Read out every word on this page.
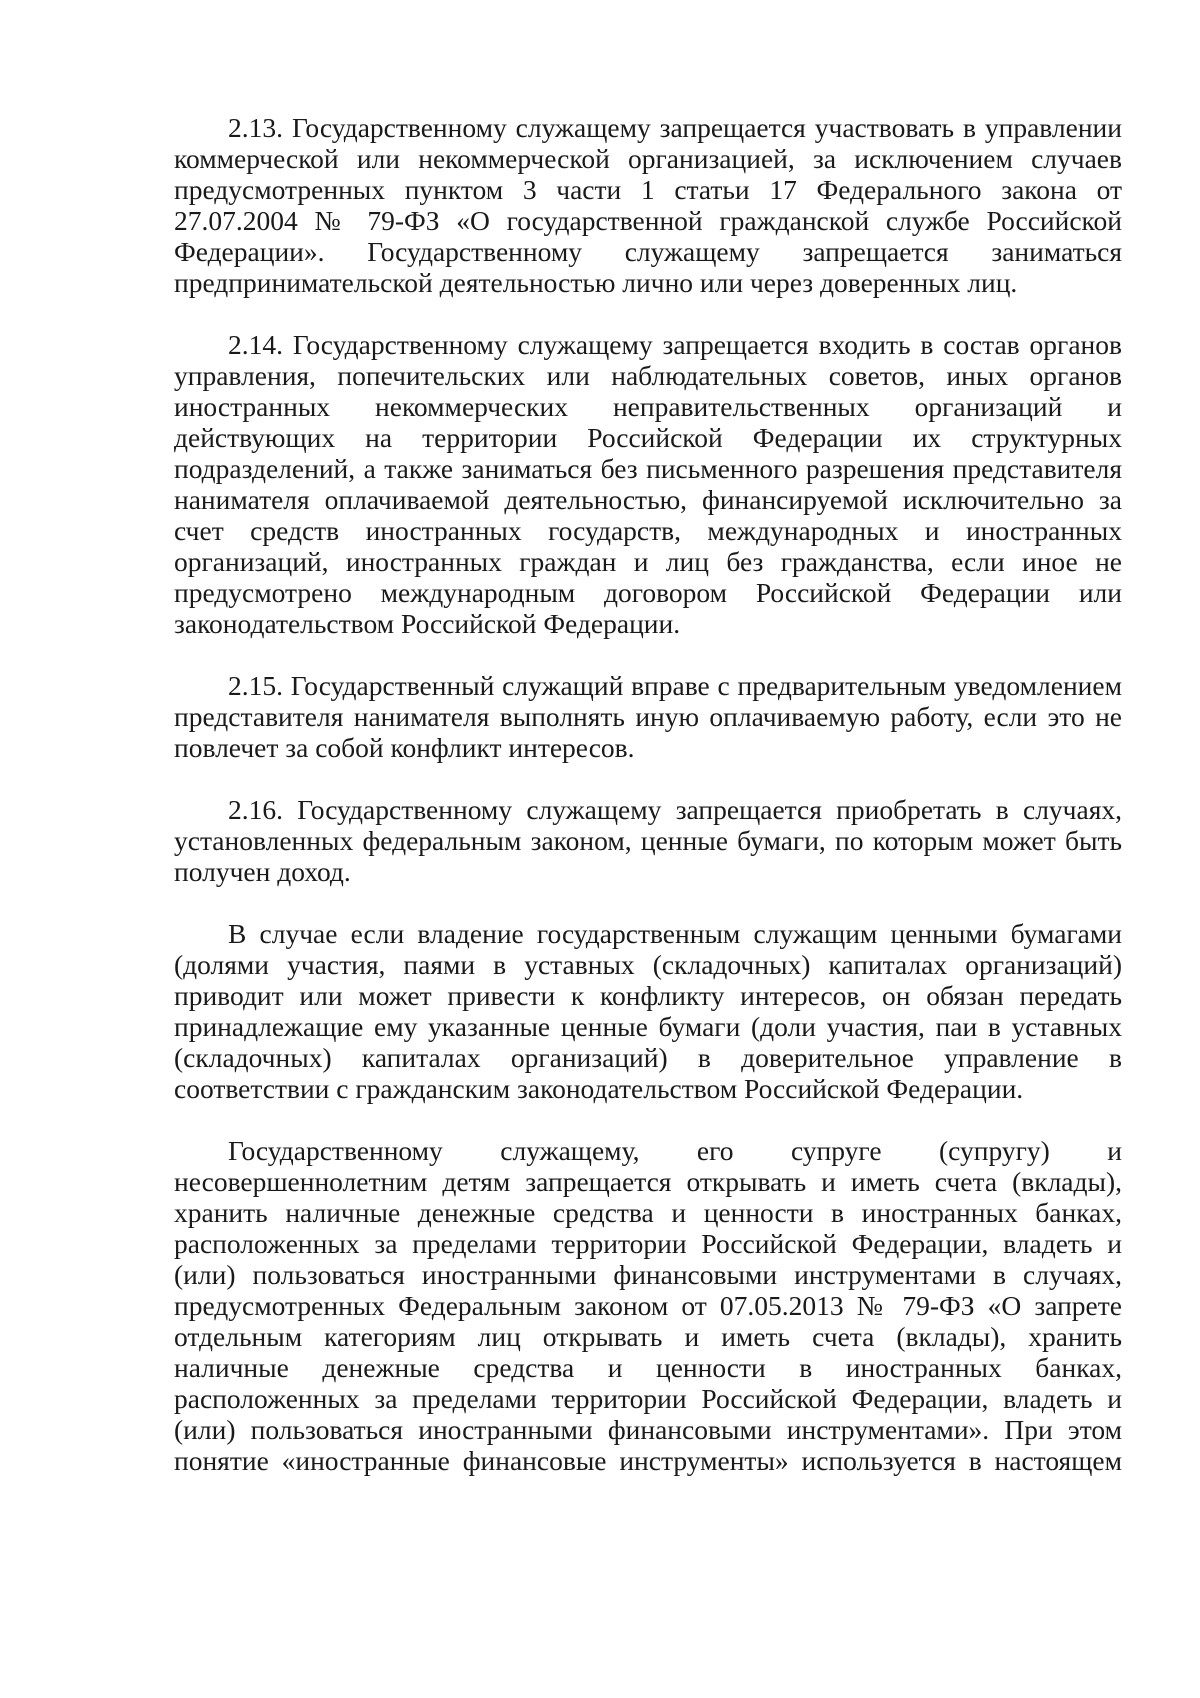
2.13. Государственному служащему запрещается участвовать в управлении коммерческой или некоммерческой организацией, за исключением случаев предусмотренных пунктом 3 части 1 статьи 17 Федерального закона от 27.07.2004 № 79-ФЗ «О государственной гражданской службе Российской Федерации». Государственному служащему запрещается заниматься предпринимательской деятельностью лично или через доверенных лиц.

2.14. Государственному служащему запрещается входить в состав органов управления, попечительских или наблюдательных советов, иных органов иностранных некоммерческих неправительственных организаций и действующих на территории Российской Федерации их структурных подразделений, а также заниматься без письменного разрешения представителя нанимателя оплачиваемой деятельностью, финансируемой исключительно за счет средств иностранных государств, международных и иностранных организаций, иностранных граждан и лиц без гражданства, если иное не предусмотрено международным договором Российской Федерации или законодательством Российской Федерации.

2.15. Государственный служащий вправе с предварительным уведомлением представителя нанимателя выполнять иную оплачиваемую работу, если это не повлечет за собой конфликт интересов.

2.16. Государственному служащему запрещается приобретать в случаях, установленных федеральным законом, ценные бумаги, по которым может быть получен доход.

В случае если владение государственным служащим ценными бумагами (долями участия, паями в уставных (складочных) капиталах организаций) приводит или может привести к конфликту интересов, он обязан передать принадлежащие ему указанные ценные бумаги (доли участия, паи в уставных (складочных) капиталах организаций) в доверительное управление в соответствии с гражданским законодательством Российской Федерации.

Государственному служащему, его супруге (супругу) и несовершеннолетним детям запрещается открывать и иметь счета (вклады), хранить наличные денежные средства и ценности в иностранных банках, расположенных за пределами территории Российской Федерации, владеть и (или) пользоваться иностранными финансовыми инструментами в случаях, предусмотренных Федеральным законом от 07.05.2013 № 79-ФЗ «О запрете отдельным категориям лиц открывать и иметь счета (вклады), хранить наличные денежные средства и ценности в иностранных банках, расположенных за пределами территории Российской Федерации, владеть и (или) пользоваться иностранными финансовыми инструментами». При этом понятие «иностранные финансовые инструменты» используется в настоящем
